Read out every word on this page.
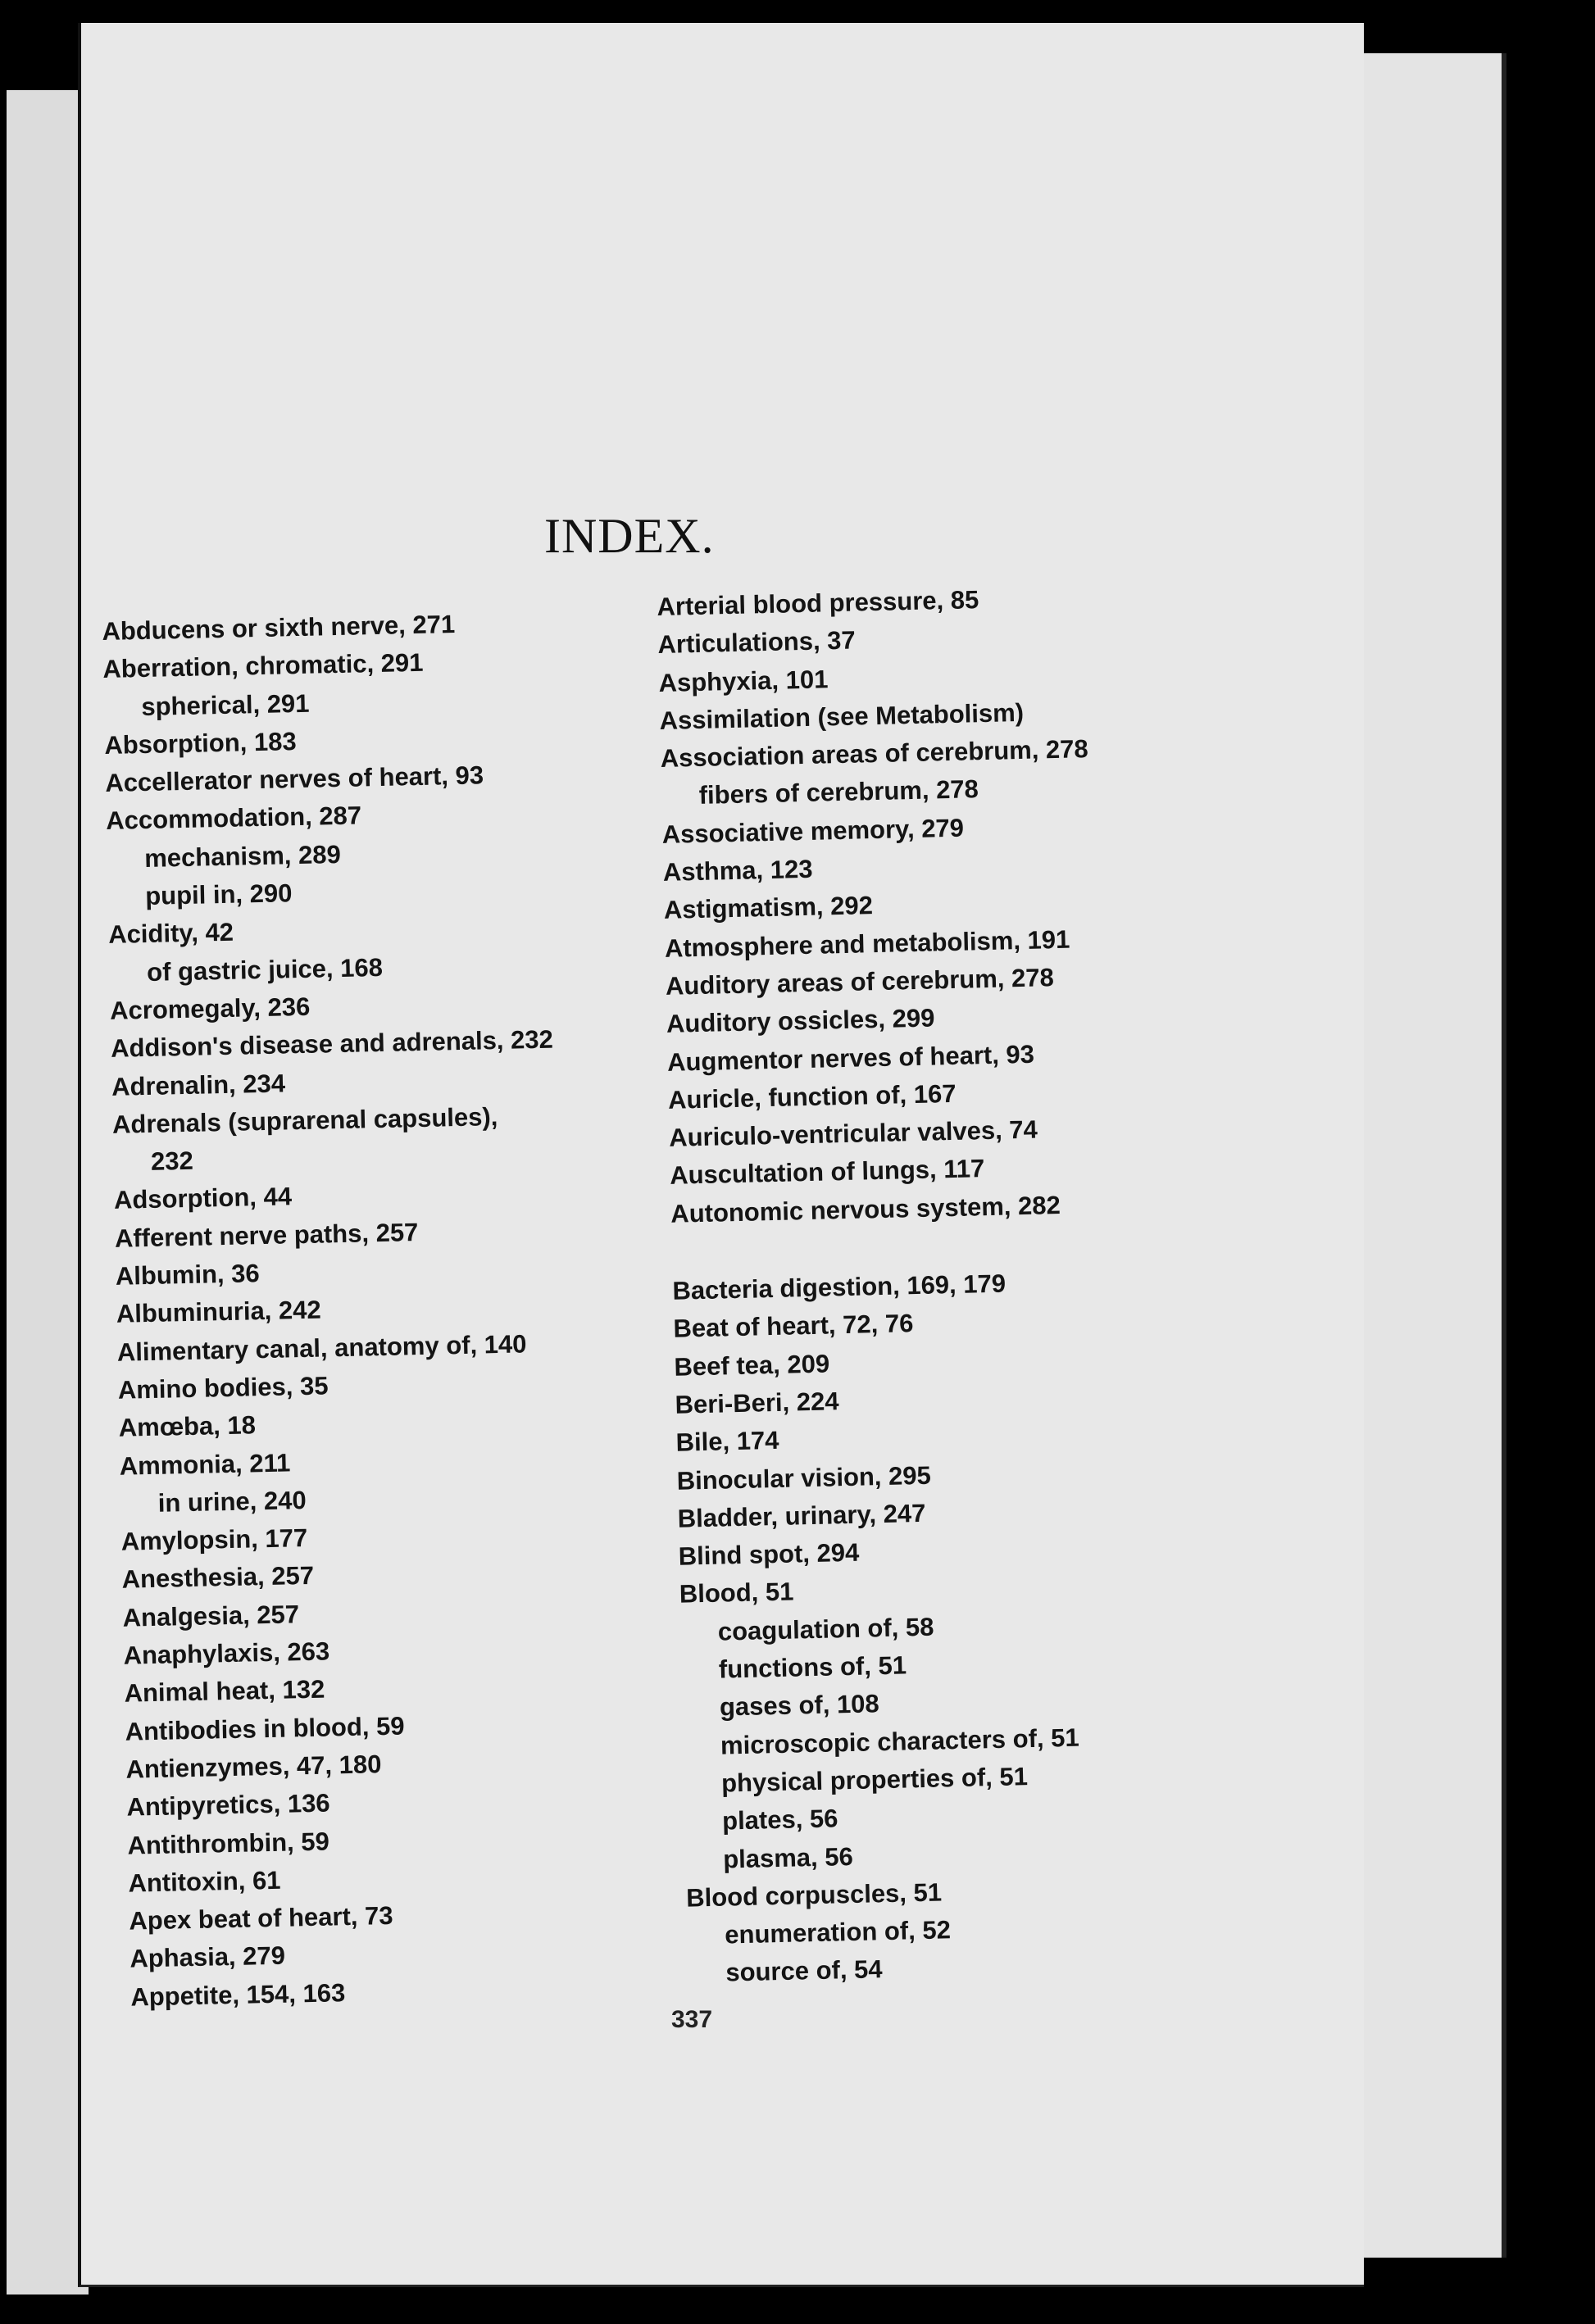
INDEX.
Abducens or sixth nerve, 271
Aberration, chromatic, 291
spherical, 291
Absorption, 183
Accellerator nerves of heart, 93
Accommodation, 287
mechanism, 289
pupil in, 290
Acidity, 42
of gastric juice, 168
Acromegaly, 236
Addison's disease and adrenals, 232
Adrenalin, 234
Adrenals (suprarenal capsules),
232
Adsorption, 44
Afferent nerve paths, 257
Albumin, 36
Albuminuria, 242
Alimentary canal, anatomy of, 140
Amino bodies, 35
Amœba, 18
Ammonia, 211
in urine, 240
Amylopsin, 177
Anesthesia, 257
Analgesia, 257
Anaphylaxis, 263
Animal heat, 132
Antibodies in blood, 59
Antienzymes, 47, 180
Antipyretics, 136
Antithrombin, 59
Antitoxin, 61
Apex beat of heart, 73
Aphasia, 279
Appetite, 154, 163
Arterial blood pressure, 85
Articulations, 37
Asphyxia, 101
Assimilation (see Metabolism)
Association areas of cerebrum, 278
fibers of cerebrum, 278
Associative memory, 279
Asthma, 123
Astigmatism, 292
Atmosphere and metabolism, 191
Auditory areas of cerebrum, 278
Auditory ossicles, 299
Augmentor nerves of heart, 93
Auricle, function of, 167
Auriculo-ventricular valves, 74
Auscultation of lungs, 117
Autonomic nervous system, 282
Bacteria digestion, 169, 179
Beat of heart, 72, 76
Beef tea, 209
Beri-Beri, 224
Bile, 174
Binocular vision, 295
Bladder, urinary, 247
Blind spot, 294
Blood, 51
coagulation of, 58
functions of, 51
gases of, 108
microscopic characters of, 51
physical properties of, 51
plates, 56
plasma, 56
Blood corpuscles, 51
enumeration of, 52
source of, 54
337
